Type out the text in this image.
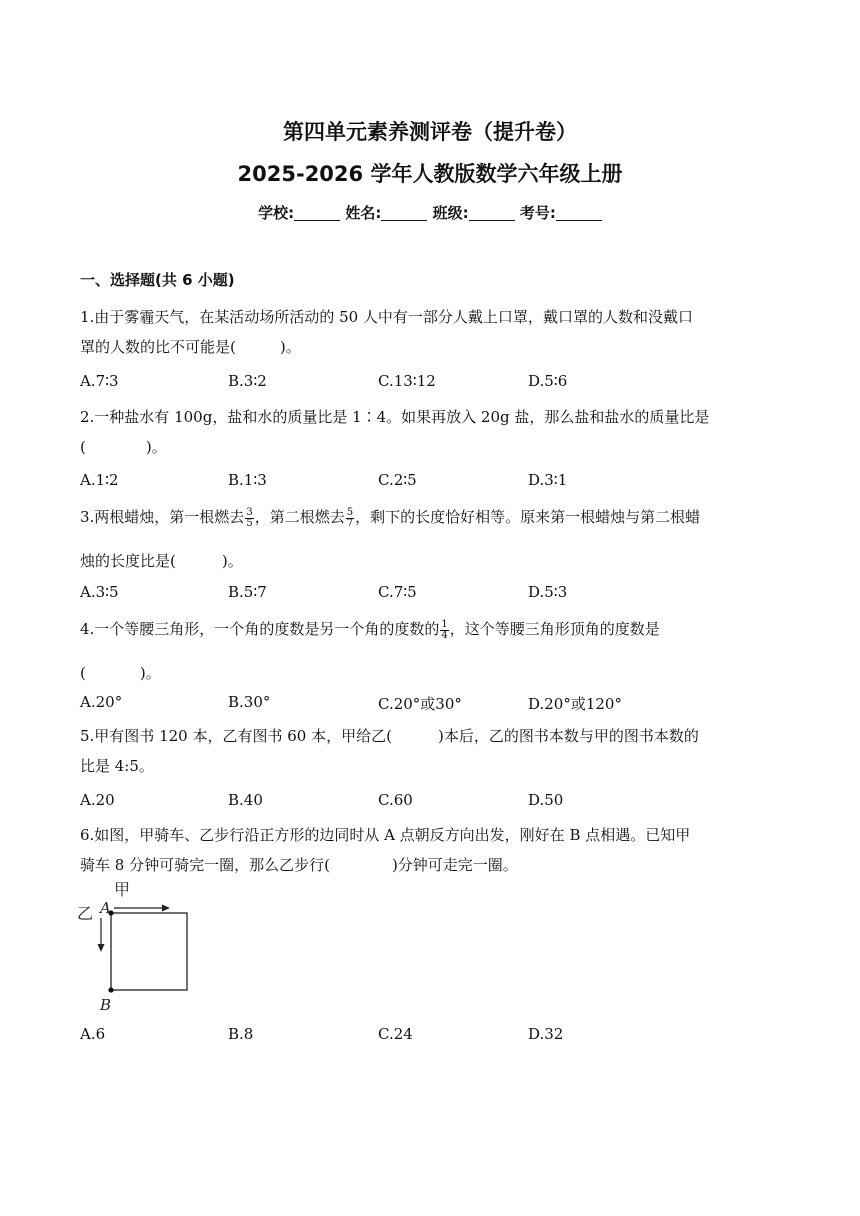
第四单元素养测评卷（提升卷）
2025-2026 学年人教版数学六年级上册
学校:	姓名:	班级:	考号:
一、选择题(共 6 小题)
1.由于雾霾天气，在某活动场所活动的 50 人中有一部分人戴上口罩，戴口罩的人数和没戴口
罩的人数的比不可能是(	)。
A.7∶3	B.3∶2	C.13∶12	D.5∶6
2.一种盐水有 100g，盐和水的质量比是 1∶4。如果再放入 20g 盐，那么盐和盐水的质量比是
(	)。
A.1∶2	B.1∶3	C.2∶5	D.3∶1
3.两根蜡烛，第一根燃去 $\frac{3}{5}$ ，第二根燃去 $\frac{5}{7}$ ，剩下的长度恰好相等。原来第一根蜡烛与第二根蜡
烛的长度比是(	)。
A.3∶5	B.5∶7	C.7∶5	D.5∶3
4.一个等腰三角形，一个角的度数是另一个角的度数的 $\frac{1}{4}$ ，这个等腰三角形顶角的度数是
(	)。
A.20°	B.30°	C.20°或30°	D.20°或120°
5.甲有图书 120 本，乙有图书 60 本，甲给乙(	)本后，乙的图书本数与甲的图书本数的
比是 4:5。
A.20	B.40	C.60	D.50
6.如图，甲骑车、乙步行沿正方形的边同时从 A 点朝反方向出发，刚好在 B 点相遇。已知甲
骑车 8 分钟可骑完一圈，那么乙步行(	)分钟可走完一圈。
甲
乙 A
B
A.6	B.8	C.24	D.32
